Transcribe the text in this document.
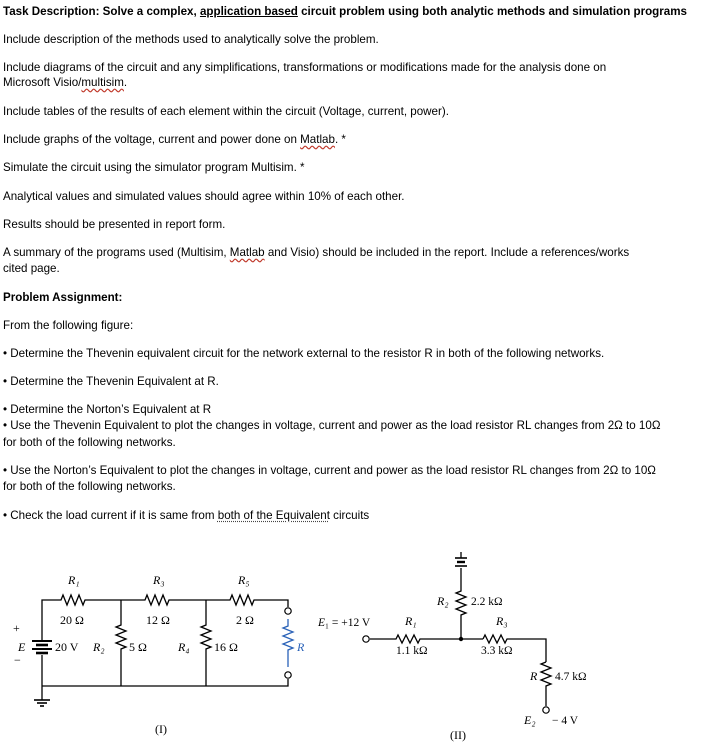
Task Description: Solve a complex, application based circuit problem using both analytic methods and simulation programs
Include description of the methods used to analytically solve the problem.
Include diagrams of the circuit and any simplifications, transformations or modifications made for the analysis done on
Microsoft Visio/multisim.
Include tables of the results of each element within the circuit (Voltage, current, power).
Include graphs of the voltage, current and power done on Matlab. *
Simulate the circuit using the simulator program Multisim. *
Analytical values and simulated values should agree within 10% of each other.
Results should be presented in report form.
A summary of the programs used (Multisim, Matlab and Visio) should be included in the report. Include a references/works
cited page.
Problem Assignment:
From the following figure:
• Determine the Thevenin equivalent circuit for the network external to the resistor R in both of the following networks.
• Determine the Thevenin Equivalent at R.
• Determine the Norton’s Equivalent at R
• Use the Thevenin Equivalent to plot the changes in voltage, current and power as the load resistor RL changes from 2Ω to 10Ω
for both of the following networks.
• Use the Norton’s Equivalent to plot the changes in voltage, current and power as the load resistor RL changes from 2Ω to 10Ω
for both of the following networks.
• Check the load current if it is same from both of the Equivalent circuits
R₁
20 Ω
R₃
12 Ω
R₅
2 Ω
R₂ 5 Ω	R₄ 16 Ω	R
E 20 V
+
−
(I)
E₁ = +12 V	R₁
1.1 kΩ
R₂ 2.2 kΩ
R₃
3.3 kΩ
R 4.7 kΩ
E₂ − 4 V
(II)
